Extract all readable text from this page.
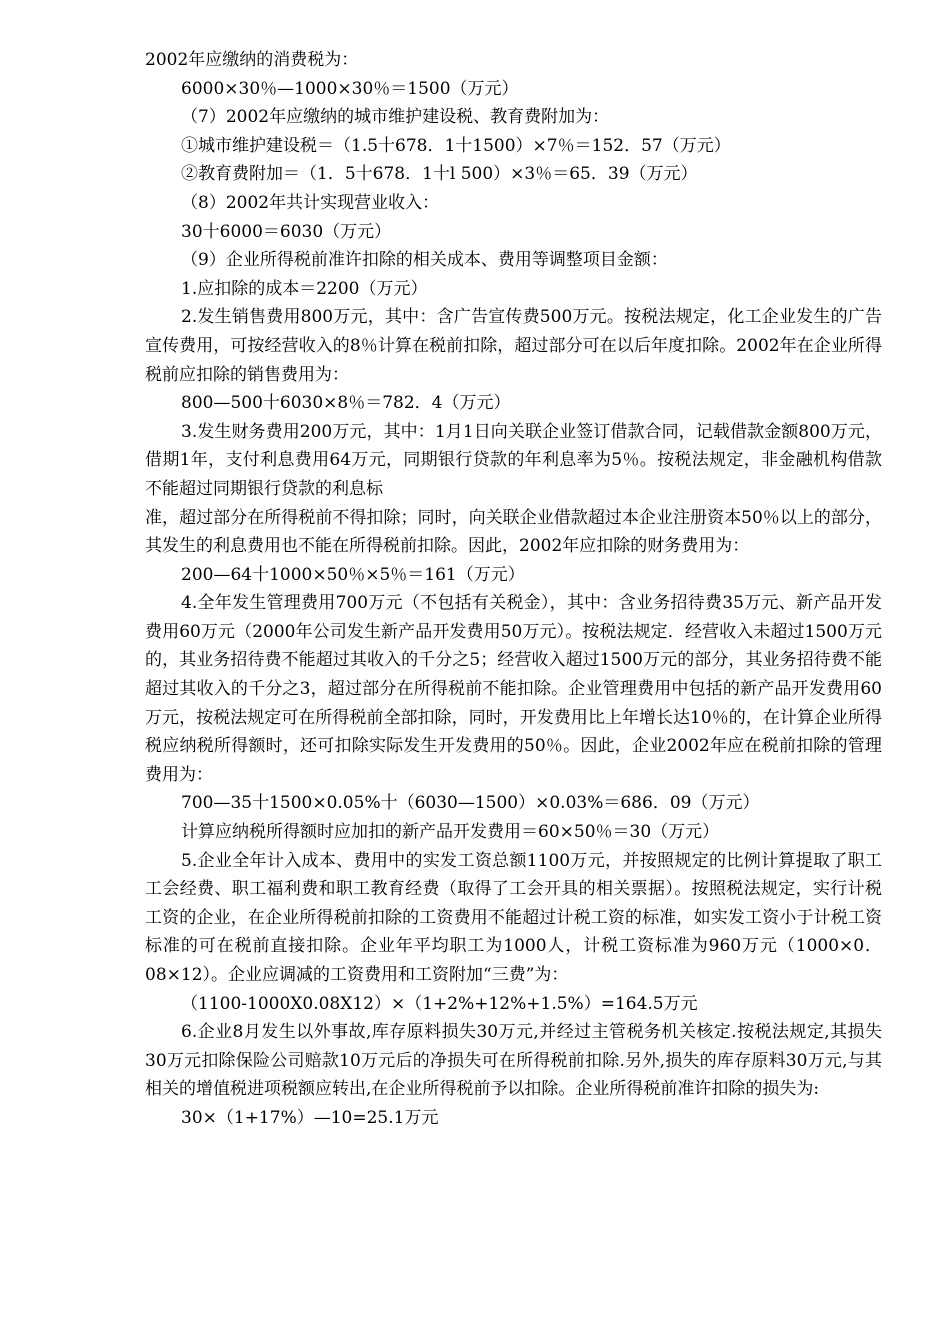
2002年应缴纳的消费税为：

6000×30％—1000×30％＝1500（万元）

（7）2002年应缴纳的城市维护建设税、教育费附加为：

①城市维护建设税＝（1.5十678．1十1500）×7％＝152．57（万元）

②教育费附加＝（1．5十678．1十l 500）×3％＝65．39（万元）

（8）2002年共计实现营业收入：

30十6000＝6030（万元）

（9）企业所得税前准许扣除的相关成本、费用等调整项目金额：

1.应扣除的成本＝2200（万元）

2.发生销售费用800万元，其中：含广告宣传费500万元。按税法规定，化工企业发生的广告宣传费用，可按经营收入的8％计算在税前扣除，超过部分可在以后年度扣除。2002年在企业所得税前应扣除的销售费用为：

800—500十6030×8％＝782．4（万元）

3.发生财务费用200万元，其中：1月1日向关联企业签订借款合同，记载借款金额800万元，借期1年，支付利息费用64万元，同期银行贷款的年利息率为5％。按税法规定，非金融机构借款不能超过同期银行贷款的利息标

准，超过部分在所得税前不得扣除；同时，向关联企业借款超过本企业注册资本50％以上的部分，其发生的利息费用也不能在所得税前扣除。因此，2002年应扣除的财务费用为：

200—64十1000×50％×5％＝161（万元）

4.全年发生管理费用700万元（不包括有关税金），其中：含业务招待费35万元、新产品开发费用60万元（2000年公司发生新产品开发费用50万元）。按税法规定．经营收入未超过1500万元的，其业务招待费不能超过其收入的千分之5；经营收入超过1500万元的部分，其业务招待费不能超过其收入的千分之3，超过部分在所得税前不能扣除。企业管理费用中包括的新产品开发费用60万元，按税法规定可在所得税前全部扣除，同时，开发费用比上年增长达10％的，在计算企业所得税应纳税所得额时，还可扣除实际发生开发费用的50％。因此，企业2002年应在税前扣除的管理费用为：

700—35十1500×0.05%十（6030—1500）×0.03%＝686．09（万元）

计算应纳税所得额时应加扣的新产品开发费用＝60×50％＝30（万元）

5.企业全年计入成本、费用中的实发工资总额1100万元，并按照规定的比例计算提取了职工工会经费、职工福利费和职工教育经费（取得了工会开具的相关票据）。按照税法规定，实行计税工资的企业，在企业所得税前扣除的工资费用不能超过计税工资的标准，如实发工资小于计税工资标准的可在税前直接扣除。企业年平均职工为1000人，计税工资标准为960万元（1000×0．08×12）。企业应调减的工资费用和工资附加“三费”为：

（1100-1000X0.08X12）×（1+2%+12%+1.5%）=164.5万元

6.企业8月发生以外事故,库存原料损失30万元,并经过主管税务机关核定.按税法规定,其损失30万元扣除保险公司赔款10万元后的净损失可在所得税前扣除.另外,损失的库存原料30万元,与其相关的增值税进项税额应转出,在企业所得税前予以扣除。企业所得税前准许扣除的损失为:

30×（1+17%）—10=25.1万元
